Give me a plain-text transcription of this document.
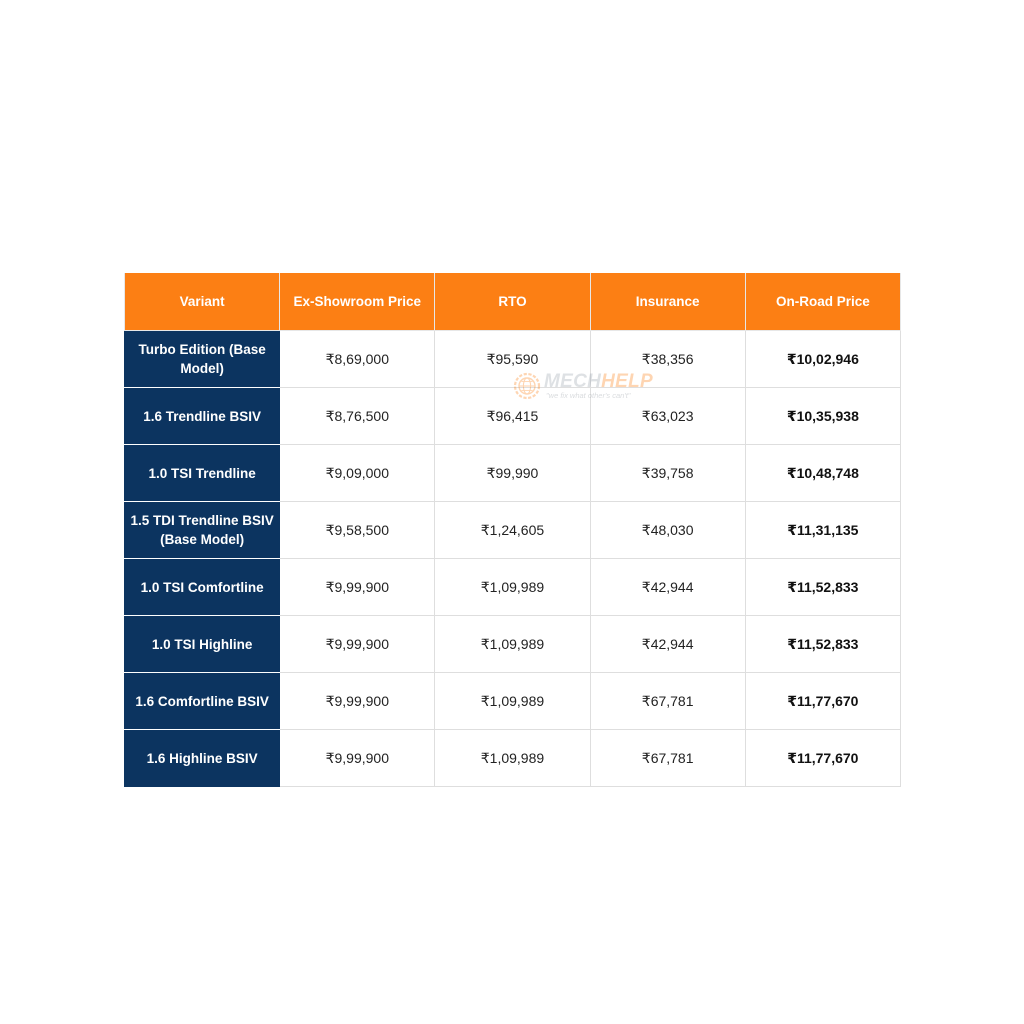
Variant	Ex-Showroom Price	RTO	Insurance	On-Road Price
Turbo Edition (Base Model)	₹8,69,000	₹95,590	₹38,356	₹10,02,946
1.6 Trendline BSIV	₹8,76,500	₹96,415	₹63,023	₹10,35,938
1.0 TSI Trendline	₹9,09,000	₹99,990	₹39,758	₹10,48,748
1.5 TDI Trendline BSIV (Base Model)	₹9,58,500	₹1,24,605	₹48,030	₹11,31,135
1.0 TSI Comfortline	₹9,99,900	₹1,09,989	₹42,944	₹11,52,833
1.0 TSI Highline	₹9,99,900	₹1,09,989	₹42,944	₹11,52,833
1.6 Comfortline BSIV	₹9,99,900	₹1,09,989	₹67,781	₹11,77,670
1.6 Highline BSIV	₹9,99,900	₹1,09,989	₹67,781	₹11,77,670
MECHHELP
"we fix what other's can't"
